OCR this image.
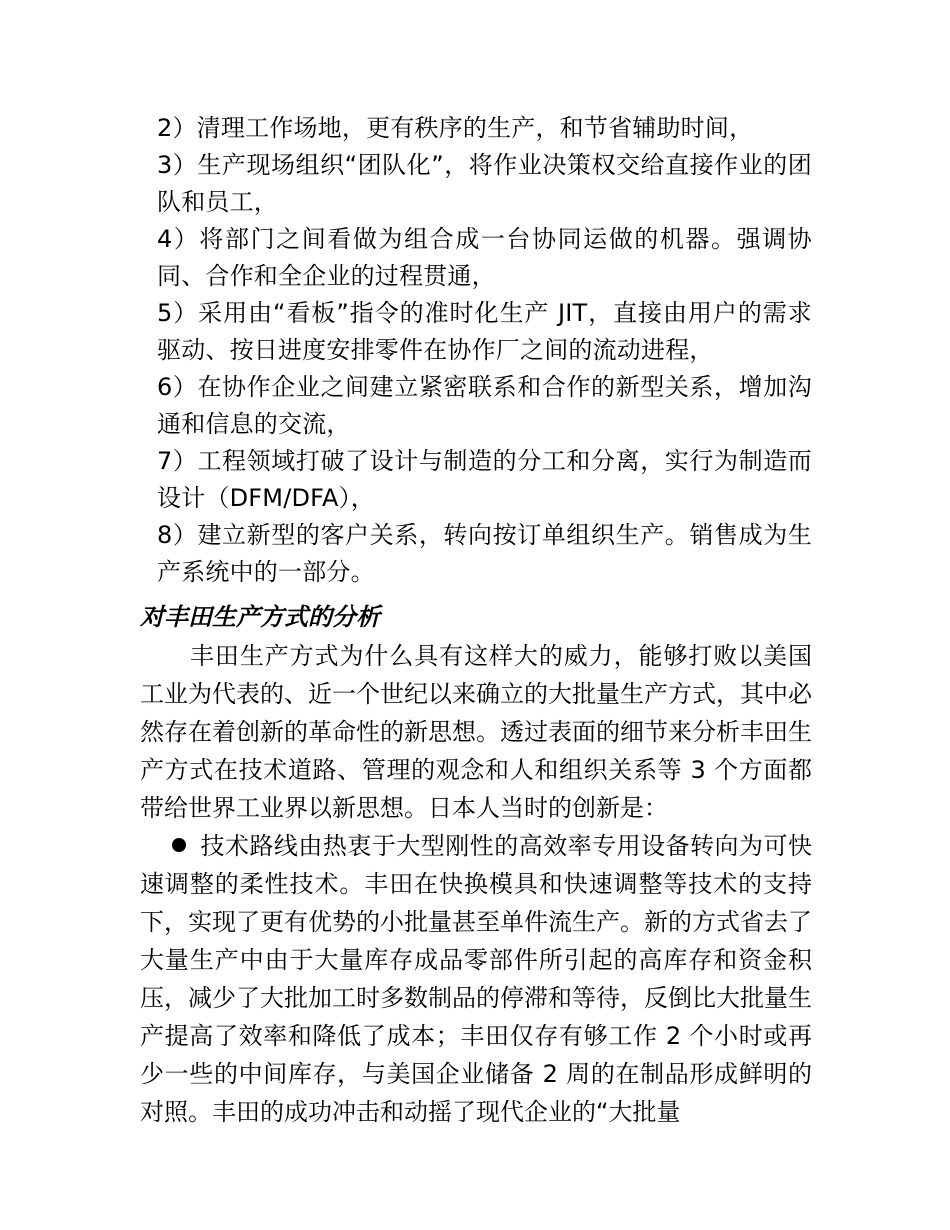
2）清理工作场地，更有秩序的生产，和节省辅助时间，
3）生产现场组织“团队化”，将作业决策权交给直接作业的团队和员工，
4）将部门之间看做为组合成一台协同运做的机器。强调协同、合作和全企业的过程贯通，
5）采用由“看板”指令的准时化生产 JIT，直接由用户的需求驱动、按日进度安排零件在协作厂之间的流动进程，
6）在协作企业之间建立紧密联系和合作的新型关系，增加沟通和信息的交流，
7）工程领域打破了设计与制造的分工和分离，实行为制造而设计（DFM/DFA），
8）建立新型的客户关系，转向按订单组织生产。销售成为生产系统中的一部分。
对丰田生产方式的分析
丰田生产方式为什么具有这样大的威力，能够打败以美国工业为代表的、近一个世纪以来确立的大批量生产方式，其中必然存在着创新的革命性的新思想。透过表面的细节来分析丰田生产方式在技术道路、管理的观念和人和组织关系等 3 个方面都带给世界工业界以新思想。日本人当时的创新是：
技术路线由热衷于大型刚性的高效率专用设备转向为可快速调整的柔性技术。丰田在快换模具和快速调整等技术的支持下，实现了更有优势的小批量甚至单件流生产。新的方式省去了大量生产中由于大量库存成品零部件所引起的高库存和资金积压，减少了大批加工时多数制品的停滞和等待，反倒比大批量生产提高了效率和降低了成本；丰田仅存有够工作 2 个小时或再少一些的中间库存，与美国企业储备 2 周的在制品形成鲜明的对照。丰田的成功冲击和动摇了现代企业的“大批量
